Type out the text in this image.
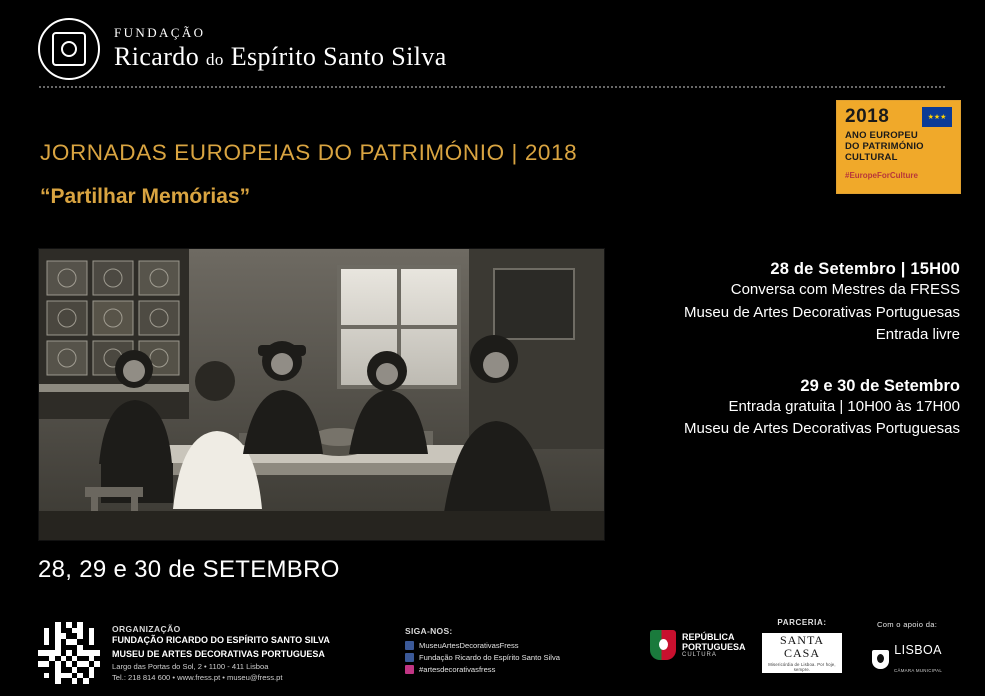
FUNDAÇÃO
Ricardo do Espírito Santo Silva
JORNADAS EUROPEIAS DO PATRIMÓNIO | 2018
“Partilhar Memórias”
★★★
2018
ANO EUROPEU
DO PATRIMÓNIO
CULTURAL
#EuropeForCulture
28 de Setembro | 15H00
Conversa com Mestres da FRESS
Museu de Artes Decorativas Portuguesas
Entrada livre
29 e 30 de Setembro
Entrada gratuita | 10H00 às 17H00
Museu de Artes Decorativas Portuguesas
28, 29 e 30 de SETEMBRO
ORGANIZAÇÃO
FUNDAÇÃO RICARDO DO ESPÍRITO SANTO SILVA
MUSEU DE ARTES DECORATIVAS PORTUGUESA
Largo das Portas do Sol, 2 • 1100 - 411 Lisboa
Tel.: 218 814 600 • www.fress.pt • museu@fress.pt
SIGA-NOS:
MuseuArtesDecorativasFress
Fundação Ricardo do Espírito Santo Silva
#artesdecorativasfress
REPÚBLICA
PORTUGUESA
CULTURA
PARCERIA:
SANTA
CASA
Misericórdia de Lisboa. Por hoje, sempre.
Com o apoio da:
LISBOA
CÂMARA MUNICIPAL
